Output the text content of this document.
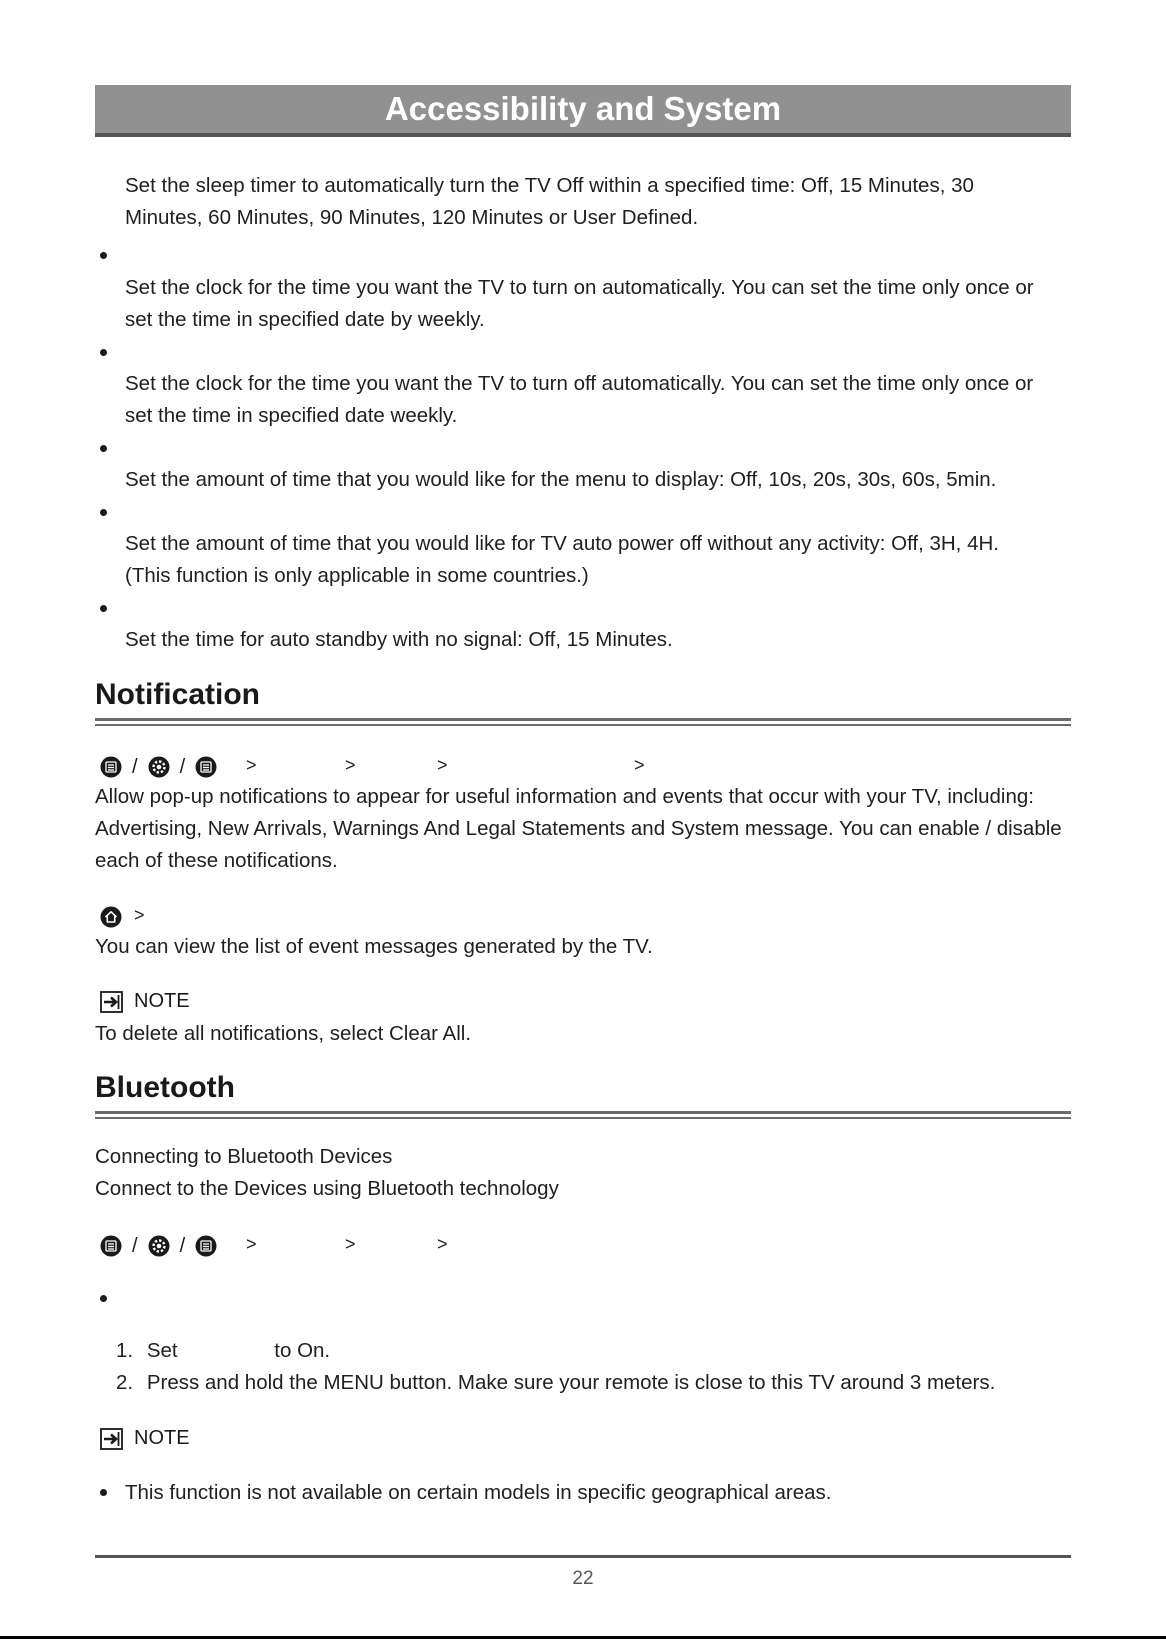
Accessibility and System

Set the sleep timer to automatically turn the TV Off within a specified time: Off, 15 Minutes, 30

Minutes, 60 Minutes, 90 Minutes, 120 Minutes or User Defined.

Set the clock for the time you want the TV to turn on automatically. You can set the time only once or

set the time in specified date by weekly.

Set the clock for the time you want the TV to turn off automatically. You can set the time only once or

set the time in specified date weekly.

Set the amount of time that you would like for the menu to display: Off, 10s, 20s, 30s, 60s, 5min.

Set the amount of time that you would like for TV auto power off without any activity: Off, 3H, 4H.

(This function is only applicable in some countries.)

Set the time for auto standby with no signal: Off, 15 Minutes.

Notification
/ /	>	>	>	>

Allow pop-up notifications to appear for useful information and events that occur with your TV, including:

Advertising, New Arrivals, Warnings And Legal Statements and System message. You can enable / disable

each of these notifications.

>
You can view the list of event messages generated by the TV.
NOTE
To delete all notifications, select Clear All.
Bluetooth

Connecting to Bluetooth Devices

Connect to the Devices using Bluetooth technology

/ /	>	>	>
1. Set	to On.
2. Press and hold the MENU button. Make sure your remote is close to this TV around 3 meters.
NOTE
This function is not available on certain models in specific geographical areas.
22
